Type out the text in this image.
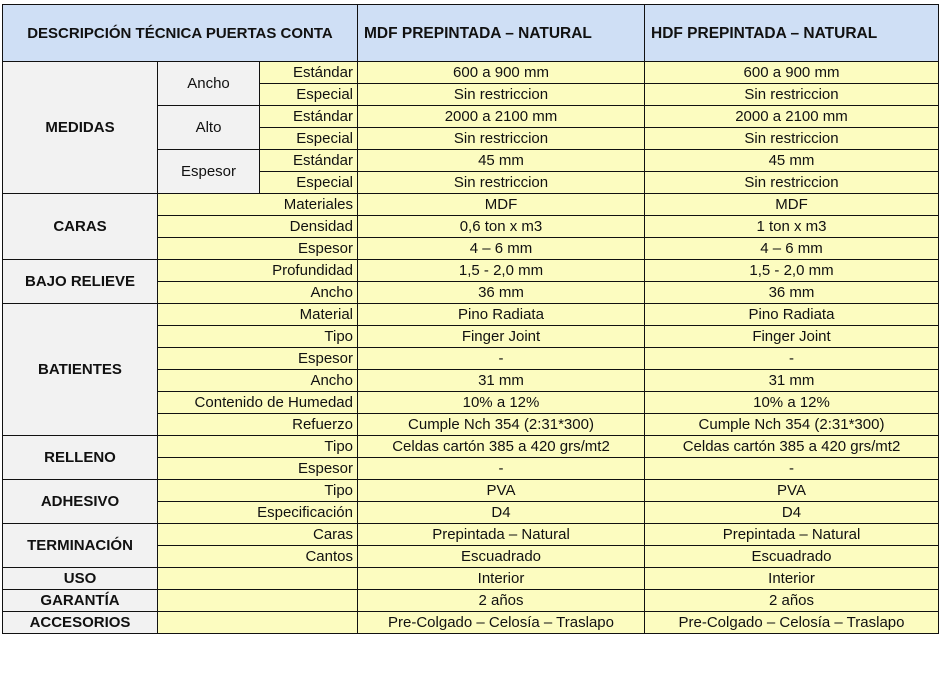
DESCRIPCIÓN TÉCNICA PUERTAS CONTA			MDF PREPINTADA – NATURAL	HDF PREPINTADA – NATURAL
MEDIDAS	Ancho	Estándar	600 a 900 mm	600 a 900 mm
		Especial	Sin restriccion	Sin restriccion
	Alto	Estándar	2000 a 2100 mm	2000 a 2100 mm
		Especial	Sin restriccion	Sin restriccion
	Espesor	Estándar	45 mm	45 mm
		Especial	Sin restriccion	Sin restriccion
CARAS	Materiales		MDF	MDF
	Densidad		0,6 ton x m3	1 ton x m3
	Espesor		4 – 6 mm	4 – 6 mm
BAJO RELIEVE	Profundidad		1,5 - 2,0 mm	1,5 - 2,0 mm
	Ancho		36 mm	36 mm
BATIENTES	Material		Pino Radiata	Pino Radiata
	Tipo		Finger Joint	Finger Joint
	Espesor		-	-
	Ancho		31 mm	31 mm
	Contenido de Humedad		10% a 12%	10% a 12%
	Refuerzo		Cumple Nch 354 (2:31*300)	Cumple Nch 354 (2:31*300)
RELLENO	Tipo		Celdas cartón 385 a 420 grs/mt2	Celdas cartón 385 a 420 grs/mt2
	Espesor		-	-
ADHESIVO	Tipo		PVA	PVA
	Especificación		D4	D4
TERMINACIÓN	Caras		Prepintada – Natural	Prepintada – Natural
	Cantos		Escuadrado	Escuadrado
USO			Interior	Interior
GARANTÍA			2 años	2 años
ACCESORIOS			Pre-Colgado – Celosía – Traslapo	Pre-Colgado – Celosía – Traslapo
